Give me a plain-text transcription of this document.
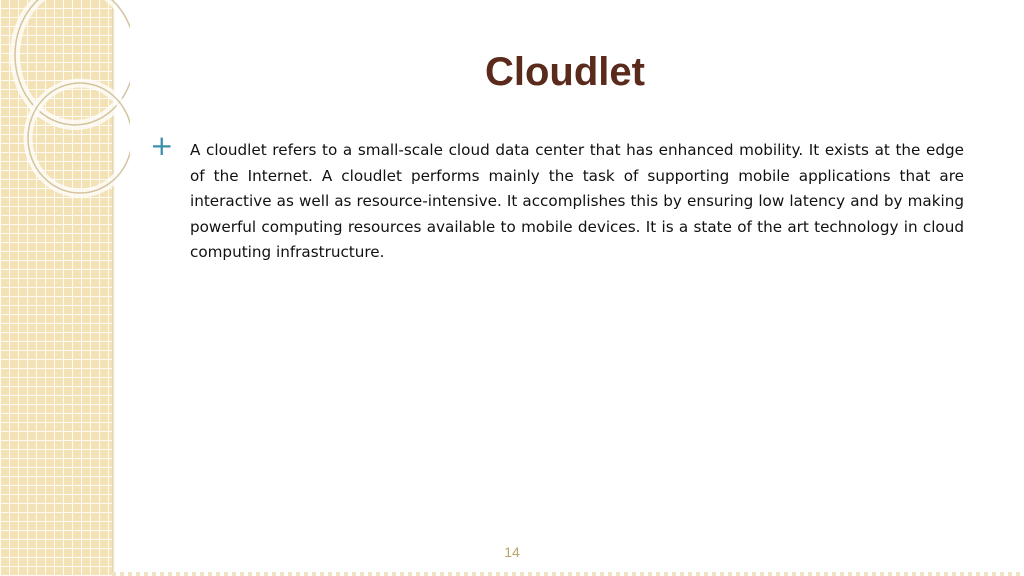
Cloudlet
+ A cloudlet refers to a small-scale cloud data center that has enhanced mobility. It exists at the edge of the Internet. A cloudlet performs mainly the task of supporting mobile applications that are interactive as well as resource-intensive. It accomplishes this by ensuring low latency and by making powerful computing resources available to mobile devices. It is a state of the art technology in cloud computing infrastructure.

14
